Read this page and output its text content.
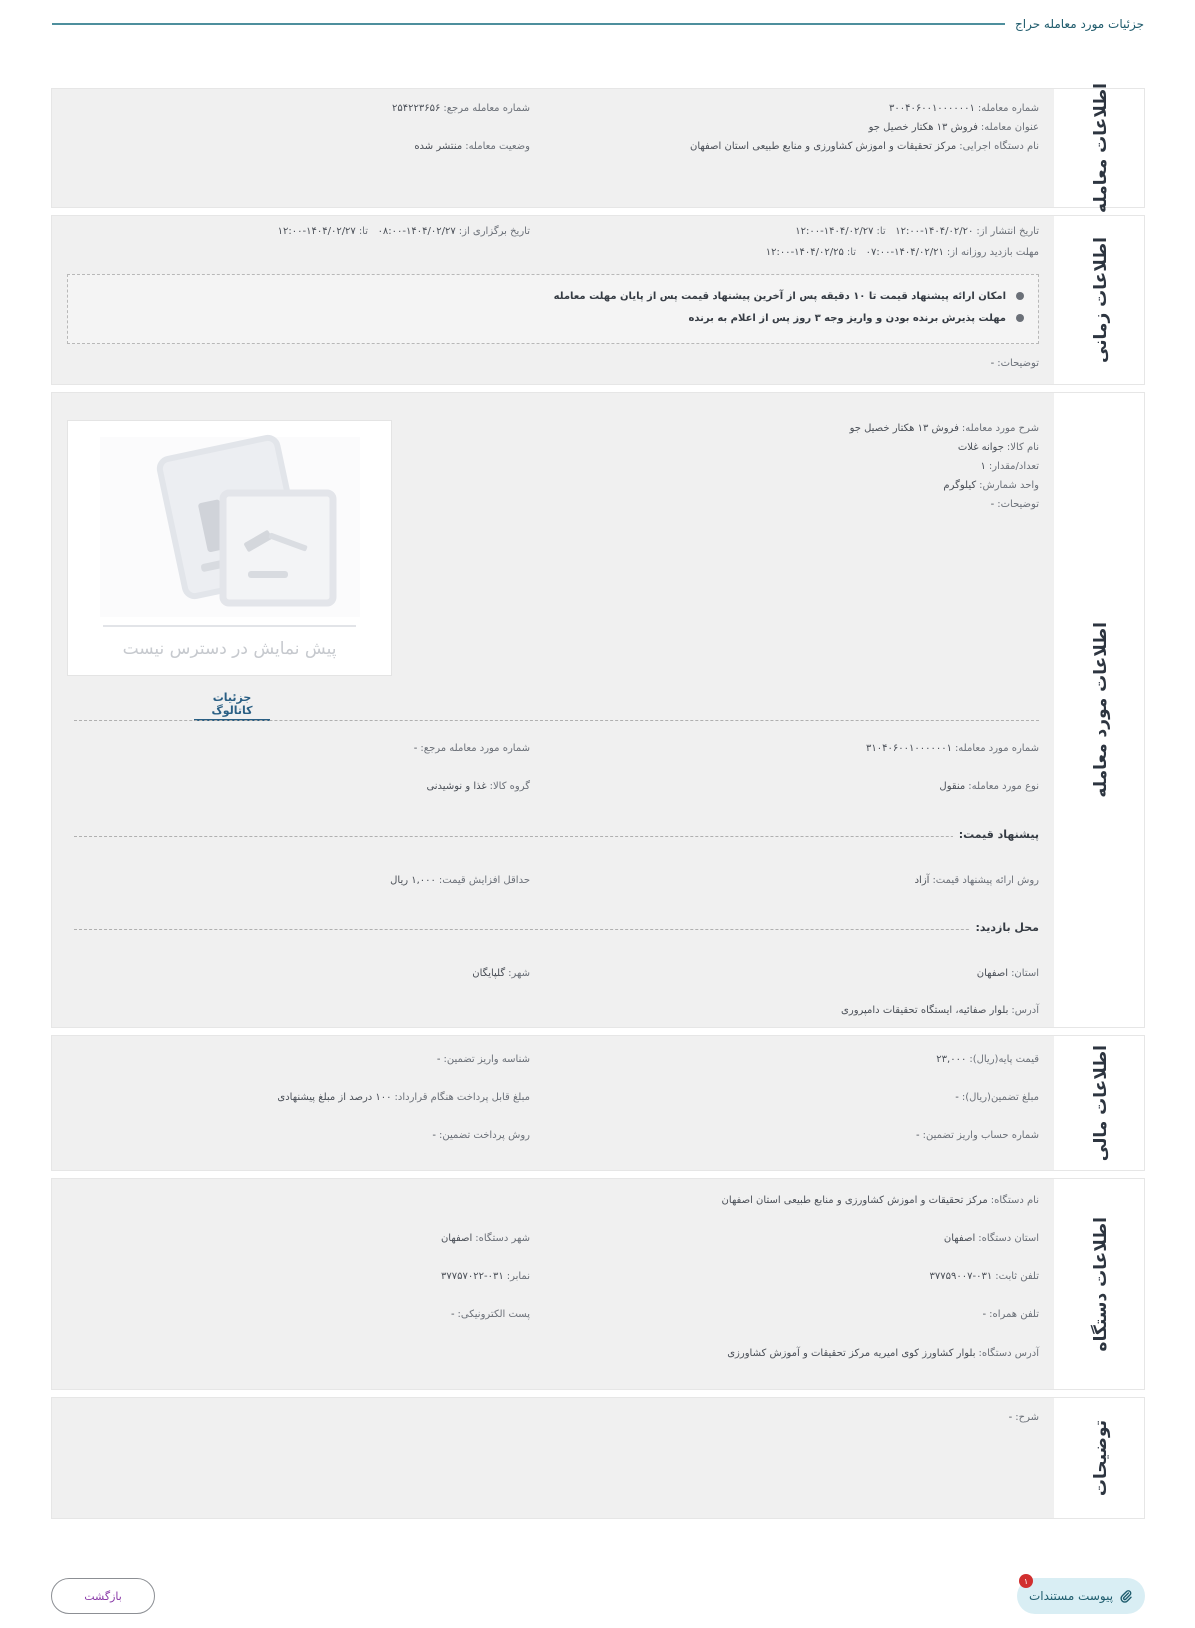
جزئیات مورد معامله حراج
اطلاعات معامله
شماره معامله:۳۰۰۴۰۶۰۰۱۰۰۰۰۰۰۱
شماره معامله مرجع:۲۵۴۲۲۳۶۵۶
عنوان معامله:فروش ۱۳ هکتار خصیل جو
نام دستگاه اجرایی:مرکز تحقیقات و اموزش کشاورزی و منابع طبیعی استان اصفهان
وضعیت معامله:منتشر شده
اطلاعات زمانی
تاریخ انتشار از:۱۴۰۴/۰۲/۲۰-۱۲:۰۰   تا:۱۴۰۴/۰۲/۲۷-۱۲:۰۰
تاریخ برگزاری از:۱۴۰۴/۰۲/۲۷-۰۸:۰۰   تا:۱۴۰۴/۰۲/۲۷-۱۲:۰۰
مهلت بازدید روزانه از:۱۴۰۴/۰۲/۲۱-۰۷:۰۰   تا:۱۴۰۴/۰۲/۲۵-۱۲:۰۰
امکان ارائه پیشنهاد قیمت تا ۱۰ دقیقه پس از آخرین پیشنهاد قیمت پس از پایان مهلت معامله
مهلت پذیرش برنده بودن و واریز وجه ۳ روز پس از اعلام به برنده
توضیحات:-
اطلاعات مورد معامله
شرح مورد معامله:فروش ۱۳ هکتار خصیل جو
نام کالا:جوانه غلات
تعداد/مقدار:۱
واحد شمارش:کیلوگرم
توضیحات:-
پیش نمایش در دسترس نیست
جزئیات کاتالوگ
شماره مورد معامله:۳۱۰۴۰۶۰۰۱۰۰۰۰۰۰۱
شماره مورد معامله مرجع:-
نوع مورد معامله:منقول
گروه کالا:غذا و نوشیدنی
پیشنهاد قیمت:
روش ارائه پیشنهاد قیمت:آزاد
حداقل افزایش قیمت:۱,۰۰۰ ریال
محل بازدید:
استان:اصفهان
شهر:گلپایگان
آدرس:بلوار صفائیه، ایستگاه تحقیقات دامپروری
اطلاعات مالی
قیمت پایه(ریال):۲۳,۰۰۰
شناسه واریز تضمین:-
مبلغ تضمین(ریال):-
مبلغ قابل پرداخت هنگام قرارداد:۱۰۰ درصد از مبلغ پیشنهادی
شماره حساب واریز تضمین:-
روش پرداخت تضمین:-
اطلاعات دستگاه
نام دستگاه:مرکز تحقیقات و اموزش کشاورزی و منابع طبیعی استان اصفهان
استان دستگاه:اصفهان
شهر دستگاه:اصفهان
تلفن ثابت:۰۳۱-۳۷۷۵۹۰۰۷
نمابر:۰۳۱-۳۷۷۵۷۰۲۲
تلفن همراه:-
پست الکترونیکی:-
آدرس دستگاه:بلوار کشاورز کوی امیریه مرکز تحقیقات و آموزش کشاورزی
توضیحات
شرح:-
۱
پیوست مستندات
بازگشت
